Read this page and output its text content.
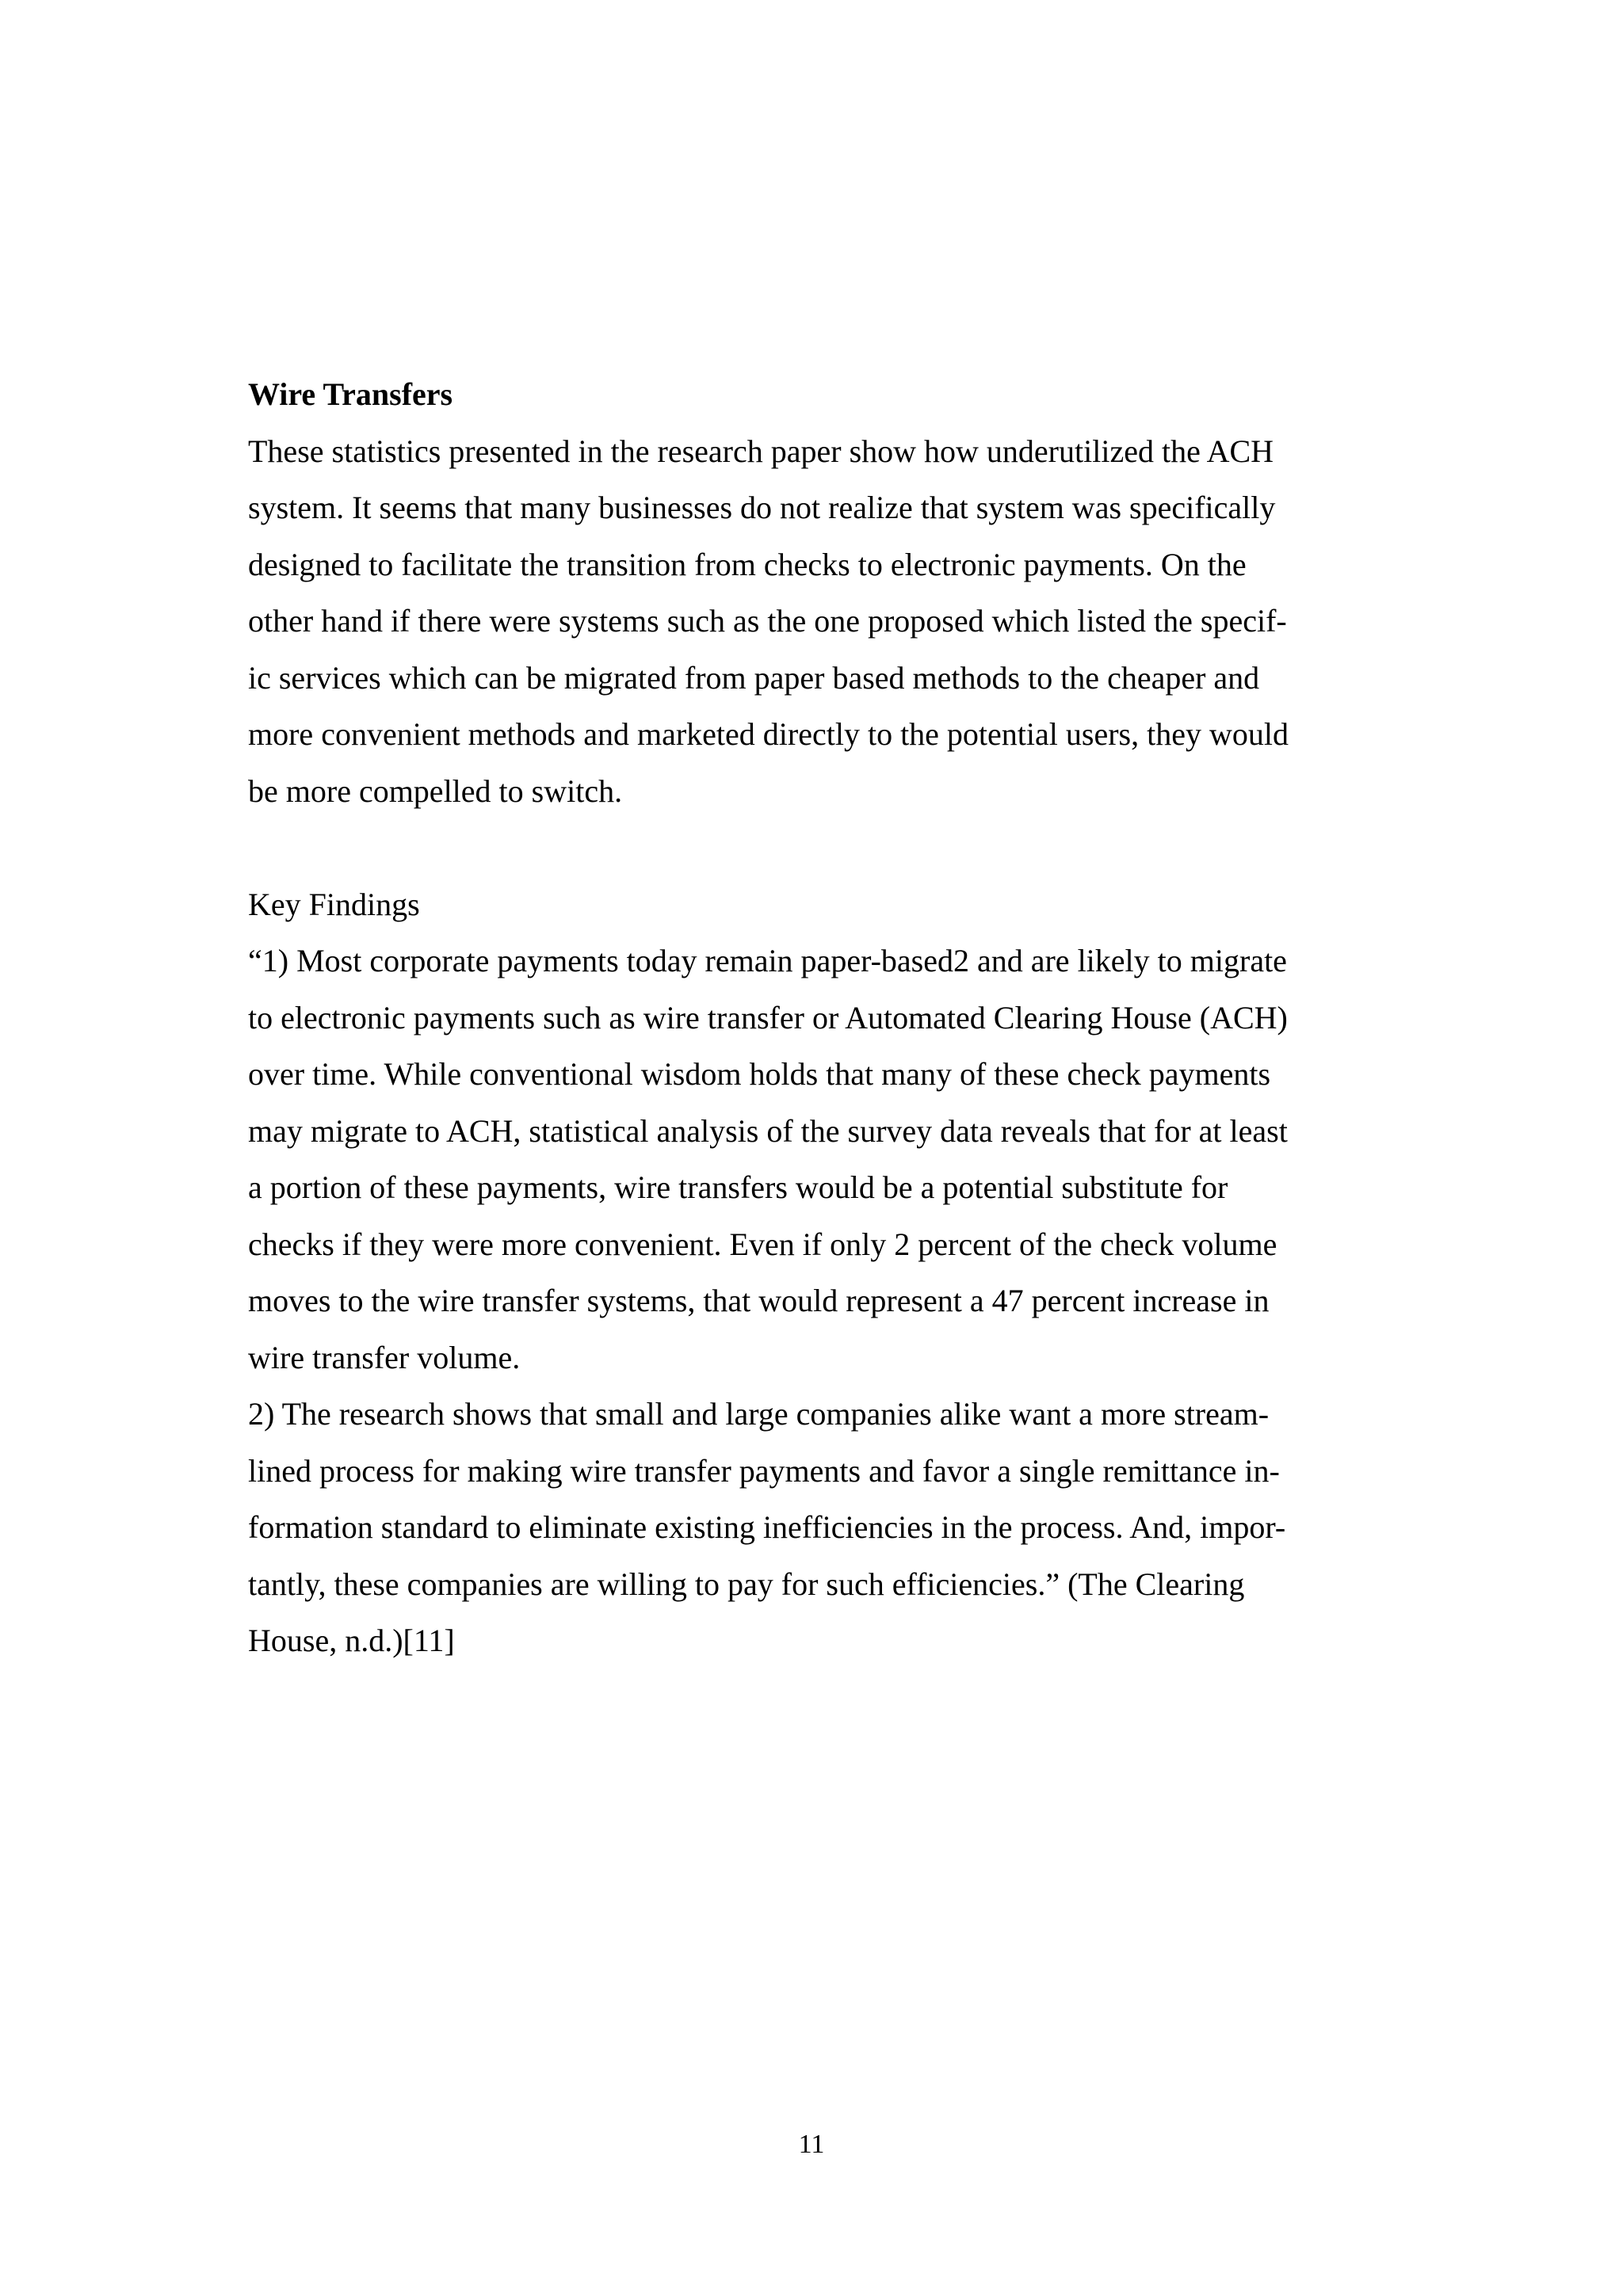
Wire Transfers
These statistics presented in the research paper show how underutilized the ACH
system. It seems that many businesses do not realize that system was specifically
designed to facilitate the transition from checks to electronic payments. On the
other hand if there were systems such as the one proposed which listed the specif-
ic services which can be migrated from paper based methods to the cheaper and
more convenient methods and marketed directly to the potential users, they would
be more compelled to switch.
Key Findings
“1) Most corporate payments today remain paper-based2 and are likely to migrate
to electronic payments such as wire transfer or Automated Clearing House (ACH)
over time. While conventional wisdom holds that many of these check payments
may migrate to ACH, statistical analysis of the survey data reveals that for at least
a portion of these payments, wire transfers would be a potential substitute for
checks if they were more convenient. Even if only 2 percent of the check volume
moves to the wire transfer systems, that would represent a 47 percent increase in
wire transfer volume.
2) The research shows that small and large companies alike want a more stream-
lined process for making wire transfer payments and favor a single remittance in-
formation standard to eliminate existing inefficiencies in the process. And, impor-
tantly, these companies are willing to pay for such efficiencies.” (The Clearing
House, n.d.)[11]
11
